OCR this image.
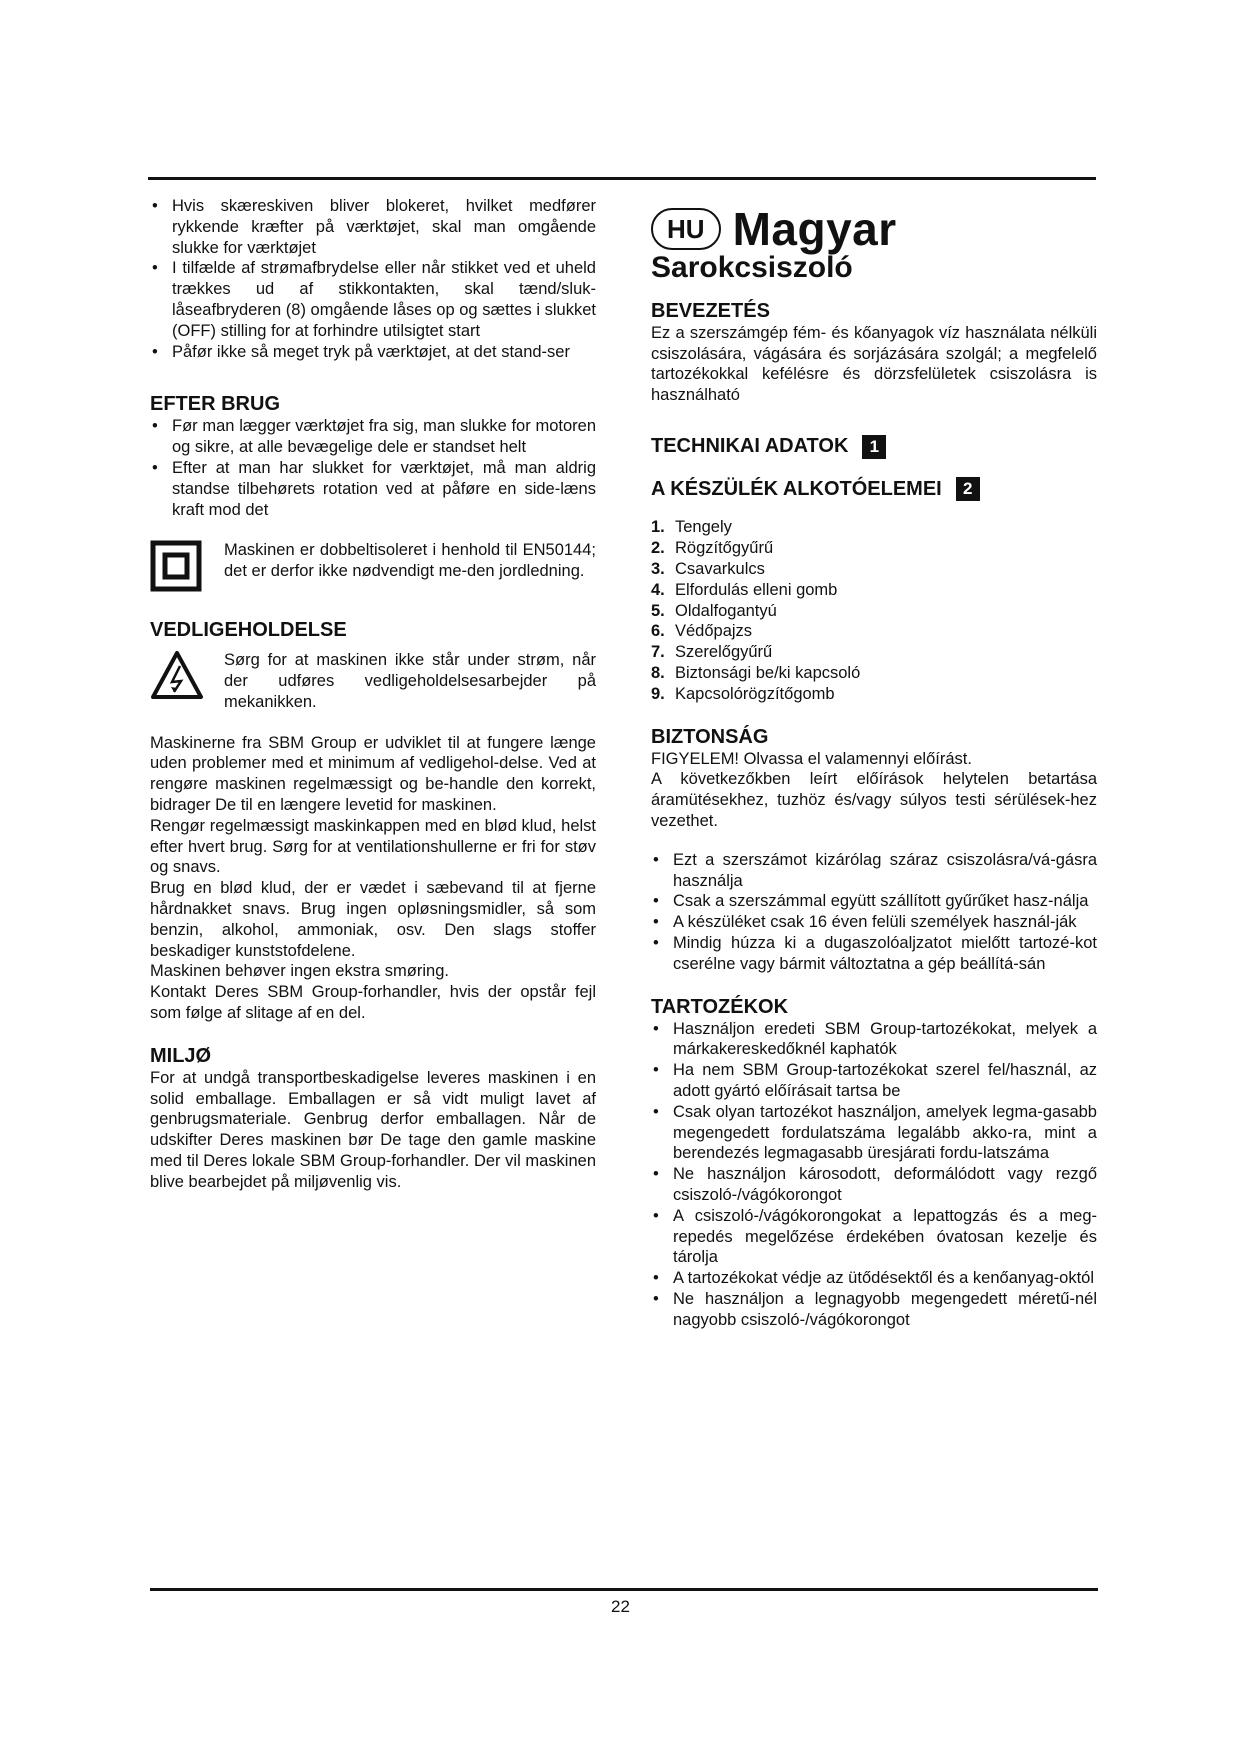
• Hvis skæreskiven bliver blokeret, hvilket medfører rykkende kræfter på værktøjet, skal man omgående slukke for værktøjet
• I tilfælde af strømafbrydelse eller når stikket ved et uheld trækkes ud af stikkontakten, skal tænd/sluk-låseafbryderen (8) omgående låses op og sættes i slukket (OFF) stilling for at forhindre utilsigtet start
• Påfør ikke så meget tryk på værktøjet, at det stand-ser
EFTER BRUG
• Før man lægger værktøjet fra sig, man slukke for motoren og sikre, at alle bevægelige dele er standset helt
• Efter at man har slukket for værktøjet, må man aldrig standse tilbehørets rotation ved at påføre en side-læns kraft mod det

Maskinen er dobbeltisoleret i henhold til EN50144; det er derfor ikke nødvendigt me-den jordledning.

VEDLIGEHOLDELSE

Sørg for at maskinen ikke står under strøm, når der udføres vedligeholdelsesarbejder på mekanikken.

Maskinerne fra SBM Group er udviklet til at fungere længe uden problemer med et minimum af vedligehol-delse. Ved at rengøre maskinen regelmæssigt og be-handle den korrekt, bidrager De til en længere levetid for maskinen.

Rengør regelmæssigt maskinkappen med en blød klud, helst efter hvert brug. Sørg for at ventilationshullerne er fri for støv og snavs.

Brug en blød klud, der er vædet i sæbevand til at fjerne hårdnakket snavs. Brug ingen opløsningsmidler, så som benzin, alkohol, ammoniak, osv. Den slags stoffer beskadiger kunststofdelene.

Maskinen behøver ingen ekstra smøring.

Kontakt Deres SBM Group-forhandler, hvis der opstår fejl som følge af slitage af en del.

MILJØ

For at undgå transportbeskadigelse leveres maskinen i en solid emballage. Emballagen er så vidt muligt lavet af genbrugsmateriale. Genbrug derfor emballagen. Når de udskifter Deres maskinen bør De tage den gamle maskine med til Deres lokale SBM Group-forhandler. Der vil maskinen blive bearbejdet på miljøvenlig vis.

HU Magyar
Sarokcsiszoló
BEVEZETÉS

Ez a szerszámgép fém- és kőanyagok víz használata nélküli csiszolására, vágására és sorjázására szolgál; a megfelelő tartozékokkal kefélésre és dörzsfelületek csiszolásra is használható

TECHNIKAI ADATOK 1
A KÉSZÜLÉK ALKOTÓELEMEI 2
1. Tengely
2. Rögzítőgyűrű
3. Csavarkulcs
4. Elfordulás elleni gomb
5. Oldalfogantyú
6. Védőpajzs
7. Szerelőgyűrű
8. Biztonsági be/ki kapcsoló
9. Kapcsolórögzítőgomb
BIZTONSÁG

FIGYELEM! Olvassa el valamennyi előírást.

A következőkben leírt előírások helytelen betartása áramütésekhez, tuzhöz és/vagy súlyos testi sérülések-hez vezethet.

• Ezt a szerszámot kizárólag száraz csiszolásra/vá-gásra használja
• Csak a szerszámmal együtt szállított gyűrűket hasz-nálja
• A készüléket csak 16 éven felüli személyek használ-ják
• Mindig húzza ki a dugaszolóaljzatot mielőtt tartozé-kot cserélne vagy bármit változtatna a gép beállítá-sán
TARTOZÉKOK
• Használjon eredeti SBM Group-tartozékokat, melyek a márkakereskedőknél kaphatók
• Ha nem SBM Group-tartozékokat szerel fel/használ, az adott gyártó előírásait tartsa be
• Csak olyan tartozékot használjon, amelyek legma-gasabb megengedett fordulatszáma legalább akko-ra, mint a berendezés legmagasabb üresjárati fordu-latszáma
• Ne használjon károsodott, deformálódott vagy rezgő csiszoló-/vágókorongot
• A csiszoló-/vágókorongokat a lepattogzás és a meg-repedés megelőzése érdekében óvatosan kezelje és tárolja
• A tartozékokat védje az ütődésektől és a kenőanyag-októl
• Ne használjon a legnagyobb megengedett méretű-nél nagyobb csiszoló-/vágókorongot
22
